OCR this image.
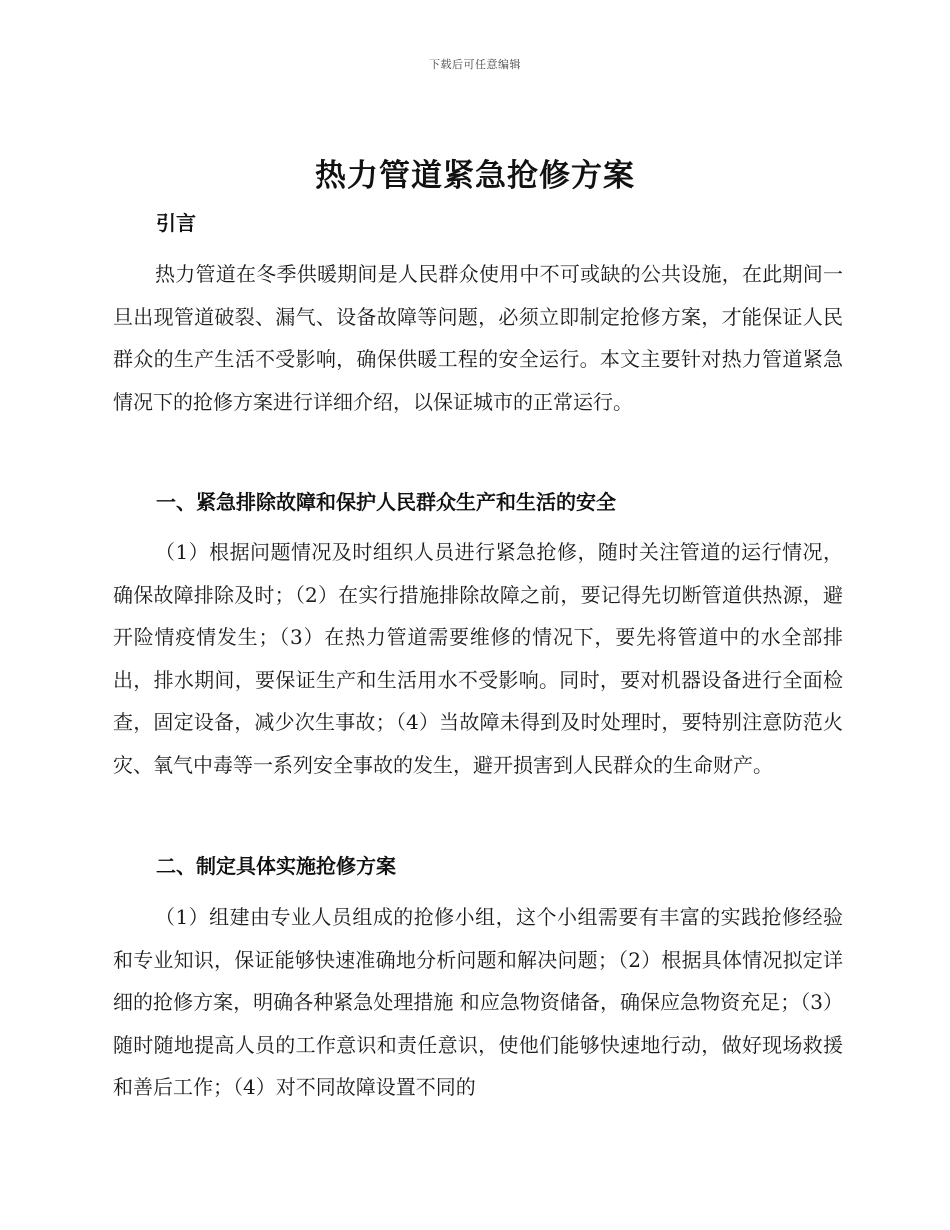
下载后可任意编辑
热力管道紧急抢修方案
引言
热力管道在冬季供暖期间是人民群众使用中不可或缺的公共设施，在此期间一旦出现管道破裂、漏气、设备故障等问题，必须立即制定抢修方案，才能保证人民群众的生产生活不受影响，确保供暖工程的安全运行。本文主要针对热力管道紧急情况下的抢修方案进行详细介绍，以保证城市的正常运行。
一、紧急排除故障和保护人民群众生产和生活的安全
（1）根据问题情况及时组织人员进行紧急抢修，随时关注管道的运行情况，确保故障排除及时；（2）在实行措施排除故障之前，要记得先切断管道供热源，避开险情疫情发生；（3）在热力管道需要维修的情况下，要先将管道中的水全部排出，排水期间，要保证生产和生活用水不受影响。同时，要对机器设备进行全面检查，固定设备，减少次生事故；（4）当故障未得到及时处理时，要特别注意防范火灾、氧气中毒等一系列安全事故的发生，避开损害到人民群众的生命财产。
二、制定具体实施抢修方案
（1）组建由专业人员组成的抢修小组，这个小组需要有丰富的实践抢修经验和专业知识，保证能够快速准确地分析问题和解决问题；（2）根据具体情况拟定详细的抢修方案，明确各种紧急处理措施 和应急物资储备，确保应急物资充足；（3）随时随地提高人员的工作意识和责任意识，使他们能够快速地行动，做好现场救援和善后工作；（4）对不同故障设置不同的
